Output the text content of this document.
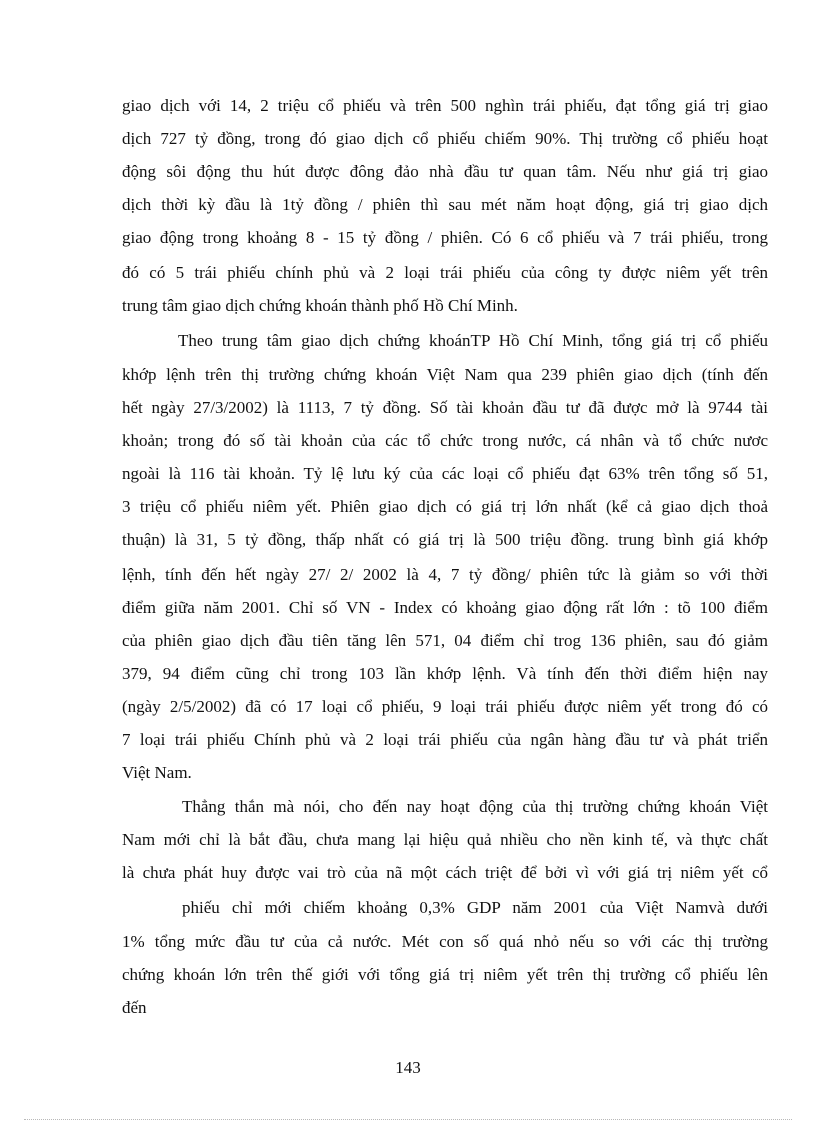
giao dịch với 14, 2 triệu cổ phiếu và trên 500 nghìn trái phiếu, đạt tổng giá trị giao
dịch 727 tỷ đồng, trong đó giao dịch cổ phiếu chiếm 90%. Thị trường cổ phiếu hoạt
động sôi động thu hút được đông đảo nhà đầu tư quan tâm. Nếu như giá trị giao
dịch thời kỳ đầu là 1tỷ đồng / phiên thì sau mét năm hoạt động, giá trị giao dịch
giao động trong khoảng 8 - 15 tỷ đồng / phiên. Có 6 cổ phiếu và 7 trái phiếu, trong
đó có 5 trái phiếu chính phủ và 2 loại trái phiếu của công ty được niêm yết trên
trung tâm giao dịch chứng khoán thành phố Hồ Chí Minh.
Theo trung tâm giao dịch chứng khoánTP Hồ Chí Minh, tổng giá trị cổ phiếu
khớp lệnh trên thị trường chứng khoán Việt Nam qua 239 phiên giao dịch (tính đến
hết ngày 27/3/2002) là 1113, 7 tỷ đồng. Số tài khoản đầu tư đã được mở là 9744 tài
khoản; trong đó số tài khoản của các tổ chức trong nước, cá nhân và tổ chức nươc
ngoài là 116 tài khoản. Tỷ lệ lưu ký của các loại cổ phiếu đạt 63% trên tổng số 51,
3 triệu cổ phiếu niêm yết. Phiên giao dịch có giá trị lớn nhất (kể cả giao dịch thoả
thuận) là 31, 5 tỷ đồng, thấp nhất có giá trị là 500 triệu đồng. trung bình giá khớp
lệnh, tính đến hết ngày 27/ 2/ 2002 là 4, 7 tỷ đồng/ phiên tức là giảm so với thời
điểm giữa năm 2001. Chỉ số VN - Index có khoảng giao động rất lớn : tõ 100 điểm
của phiên giao dịch đầu tiên tăng lên 571, 04 điểm chỉ trog 136 phiên, sau đó giảm
379, 94 điểm cũng chỉ trong 103 lần khớp lệnh. Và tính đến thời điểm hiện nay
(ngày 2/5/2002) đã có 17 loại cổ phiếu, 9 loại trái phiếu được niêm yết trong đó có
7 loại trái phiếu Chính phủ và 2 loại trái phiếu của ngân hàng đầu tư và phát triển
Việt Nam.
Thẳng thắn mà nói, cho đến nay hoạt động của thị trường chứng khoán Việt
Nam mới chỉ là bắt đầu, chưa mang lại hiệu quả nhiều cho nền kinh tế, và thực chất
là chưa phát huy được vai trò của nã một cách triệt để bởi vì với giá trị niêm yết cổ
phiếu chỉ mới chiếm khoảng 0,3% GDP năm 2001 của Việt Namvà dưới
1% tổng mức đầu tư của cả nước. Mét con số quá nhỏ nếu so với các thị trường
chứng khoán lớn trên thế giới với tổng giá trị niêm yết trên thị trường cổ phiếu lên
đến
143
